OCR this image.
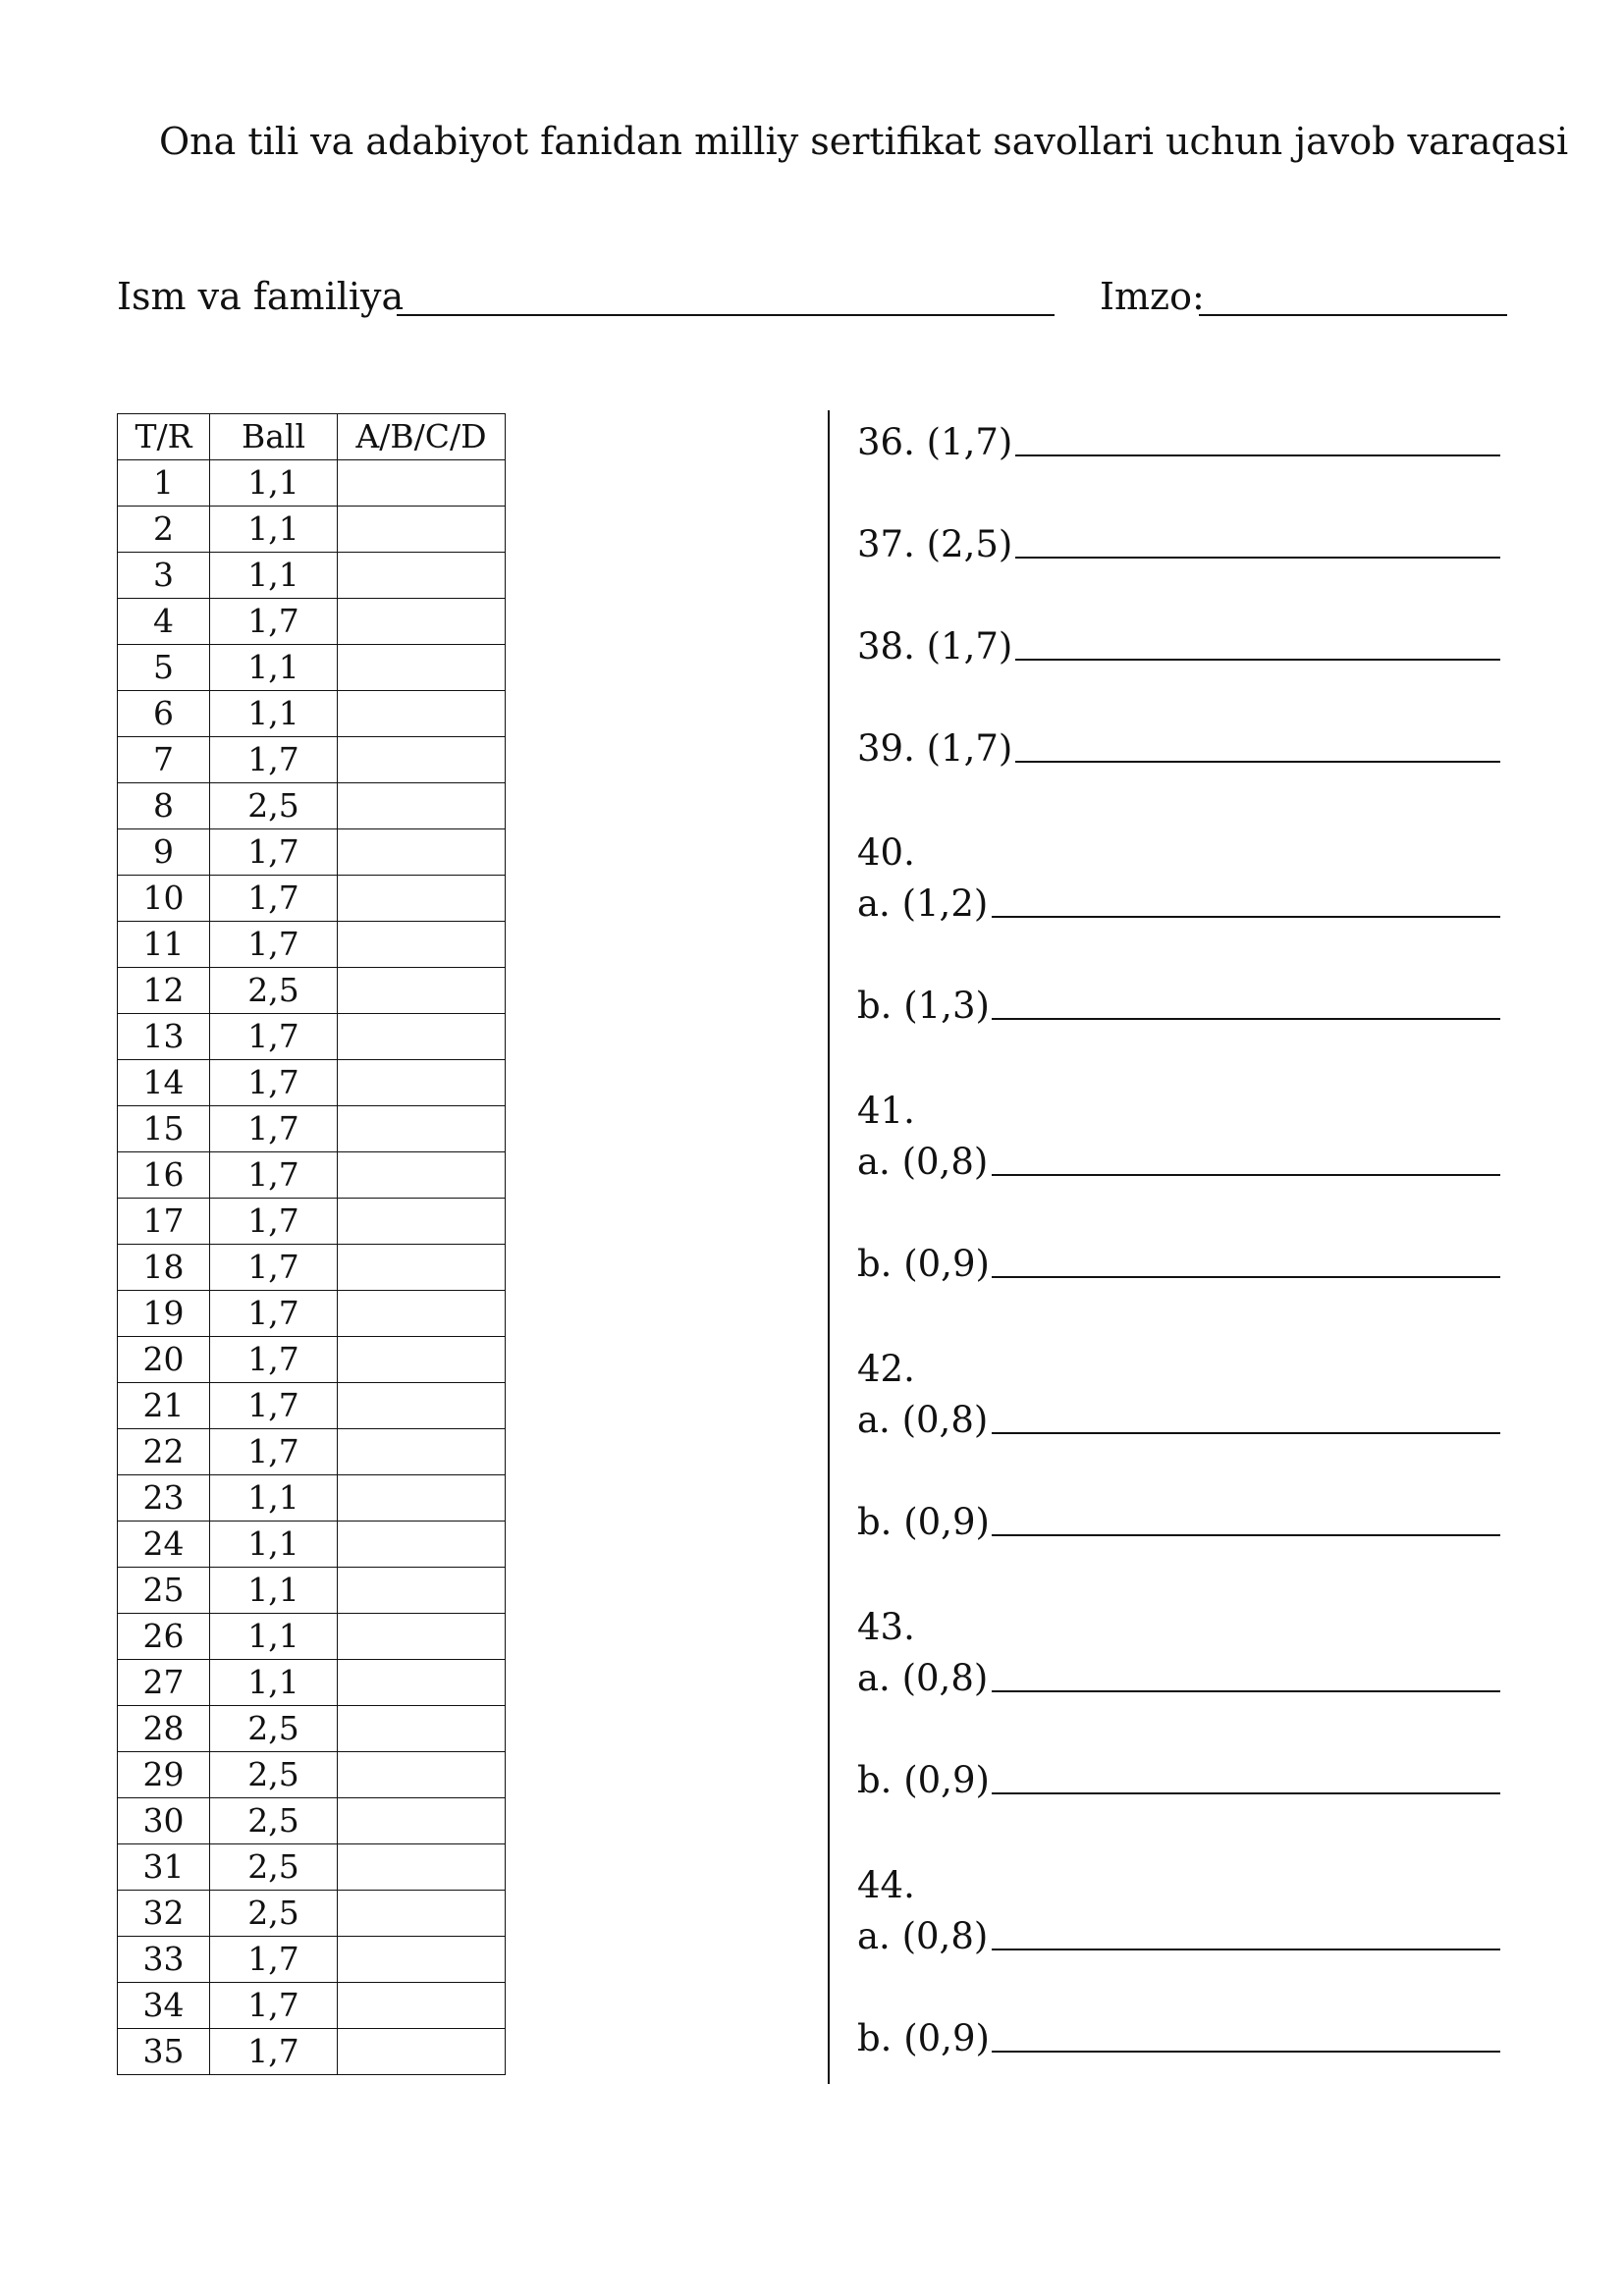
Ona tili va adabiyot fanidan milliy sertifikat savollari uchun javob varaqasi
Ism va familiya	Imzo:
T/R	Ball	A/B/C/D
1	1,1	
2	1,1	
3	1,1	
4	1,7	
5	1,1	
6	1,1	
7	1,7	
8	2,5	
9	1,7	
10	1,7	
11	1,7	
12	2,5	
13	1,7	
14	1,7	
15	1,7	
16	1,7	
17	1,7	
18	1,7	
19	1,7	
20	1,7	
21	1,7	
22	1,7	
23	1,1	
24	1,1	
25	1,1	
26	1,1	
27	1,1	
28	2,5	
29	2,5	
30	2,5	
31	2,5	
32	2,5	
33	1,7	
34	1,7	
35	1,7	
36. (1,7)
37. (2,5)
38. (1,7)
39. (1,7)
40.
a. (1,2)
b. (1,3)
41.
a. (0,8)
b. (0,9)
42.
a. (0,8)
b. (0,9)
43.
a. (0,8)
b. (0,9)
44.
a. (0,8)
b. (0,9)
